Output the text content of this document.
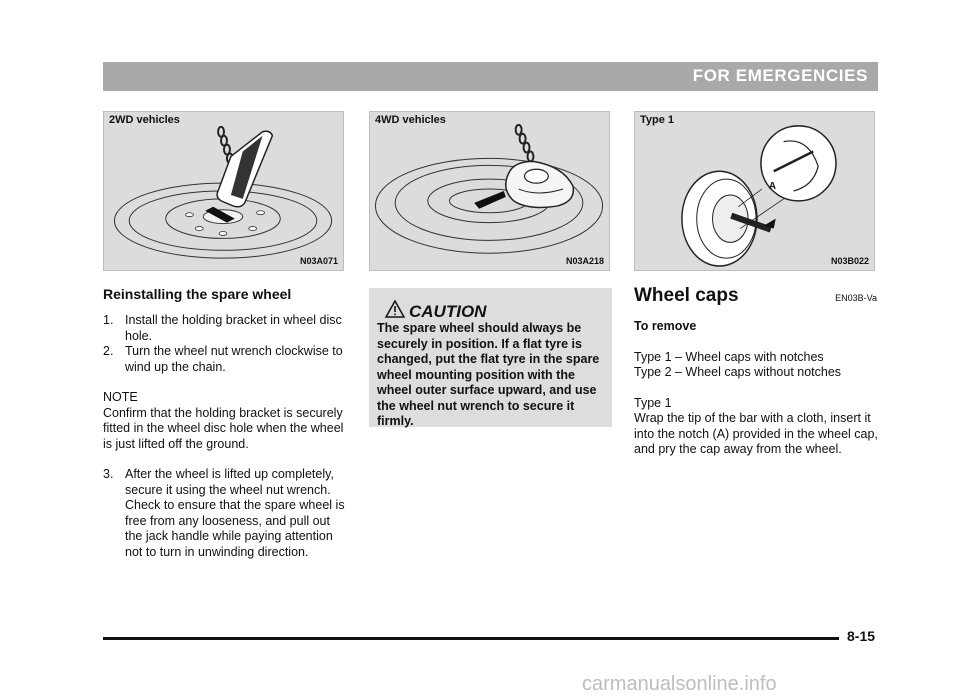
FOR EMERGENCIES
2WD vehicles
N03A071
4WD vehicles
N03A218
A
Type 1
N03B022
Reinstalling the spare wheel
1. Install the holding bracket in wheel disc hole.
2. Turn the wheel nut wrench clockwise to wind up the chain.

NOTE

Confirm that the holding bracket is securely fitted in the wheel disc hole when the wheel is just lifted off the ground.

3. After the wheel is lifted up completely, secure it using the wheel nut wrench. Check to ensure that the spare wheel is free from any looseness, and pull out the jack handle while paying attention not to turn in unwinding direction.
CAUTION
The spare wheel should always be securely in position. If a flat tyre is changed, put the flat tyre in the spare wheel mounting position with the wheel outer surface upward, and use the wheel nut wrench to secure it firmly.
Wheel caps	EN03B-Va

To remove

Type 1 – Wheel caps with notches

Type 2 – Wheel caps without notches

Type 1

Wrap the tip of the bar with a cloth, insert it into the notch (A) provided in the wheel cap, and pry the cap away from the wheel.

8-15
carmanualsonline.info
